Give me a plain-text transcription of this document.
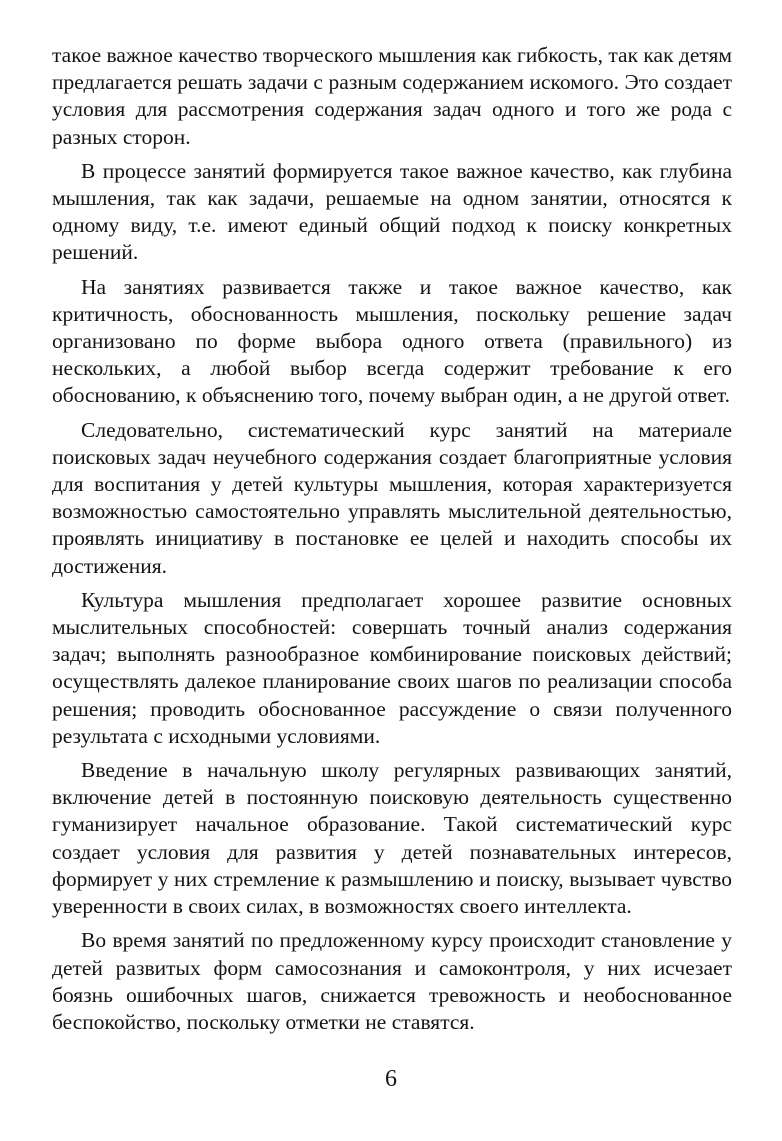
такое важное качество творческого мышления как гибкость, так как детям предлагается решать задачи с разным содержанием искомого. Это создает условия для рассмотрения содержания задач одного и того же рода с разных сторон.

В процессе занятий формируется такое важное качество, как глубина мышления, так как задачи, решаемые на одном занятии, относятся к одному виду, т.е. имеют единый общий подход к поиску конкретных решений.

На занятиях развивается также и такое важное качество, как критичность, обоснованность мышления, поскольку решение задач организовано по форме выбора одного ответа (правильного) из нескольких, а любой выбор всегда содержит требование к его обоснованию, к объяснению того, почему выбран один, а не другой ответ.

Следовательно, систематический курс занятий на материале поисковых задач неучебного содержания создает благоприятные условия для воспитания у детей культуры мышления, которая характеризуется возможностью самостоятельно управлять мыслительной деятельностью, проявлять инициативу в постановке ее целей и находить способы их достижения.

Культура мышления предполагает хорошее развитие основных мыслительных способностей: совершать точный анализ содержания задач; выполнять разнообразное комбинирование поисковых действий; осуществлять далекое планирование своих шагов по реализации способа решения; проводить обоснованное рассуждение о связи полученного результата с исходными условиями.

Введение в начальную школу регулярных развивающих занятий, включение детей в постоянную поисковую деятельность существенно гуманизирует начальное образование. Такой систематический курс создает условия для развития у детей познавательных интересов, формирует у них стремление к размышлению и поиску, вызывает чувство уверенности в своих силах, в возможностях своего интеллекта.

Во время занятий по предложенному курсу происходит становление у детей развитых форм самосознания и самоконтроля, у них исчезает боязнь ошибочных шагов, снижается тревожность и необоснованное беспокойство, поскольку отметки не ставятся.

6
